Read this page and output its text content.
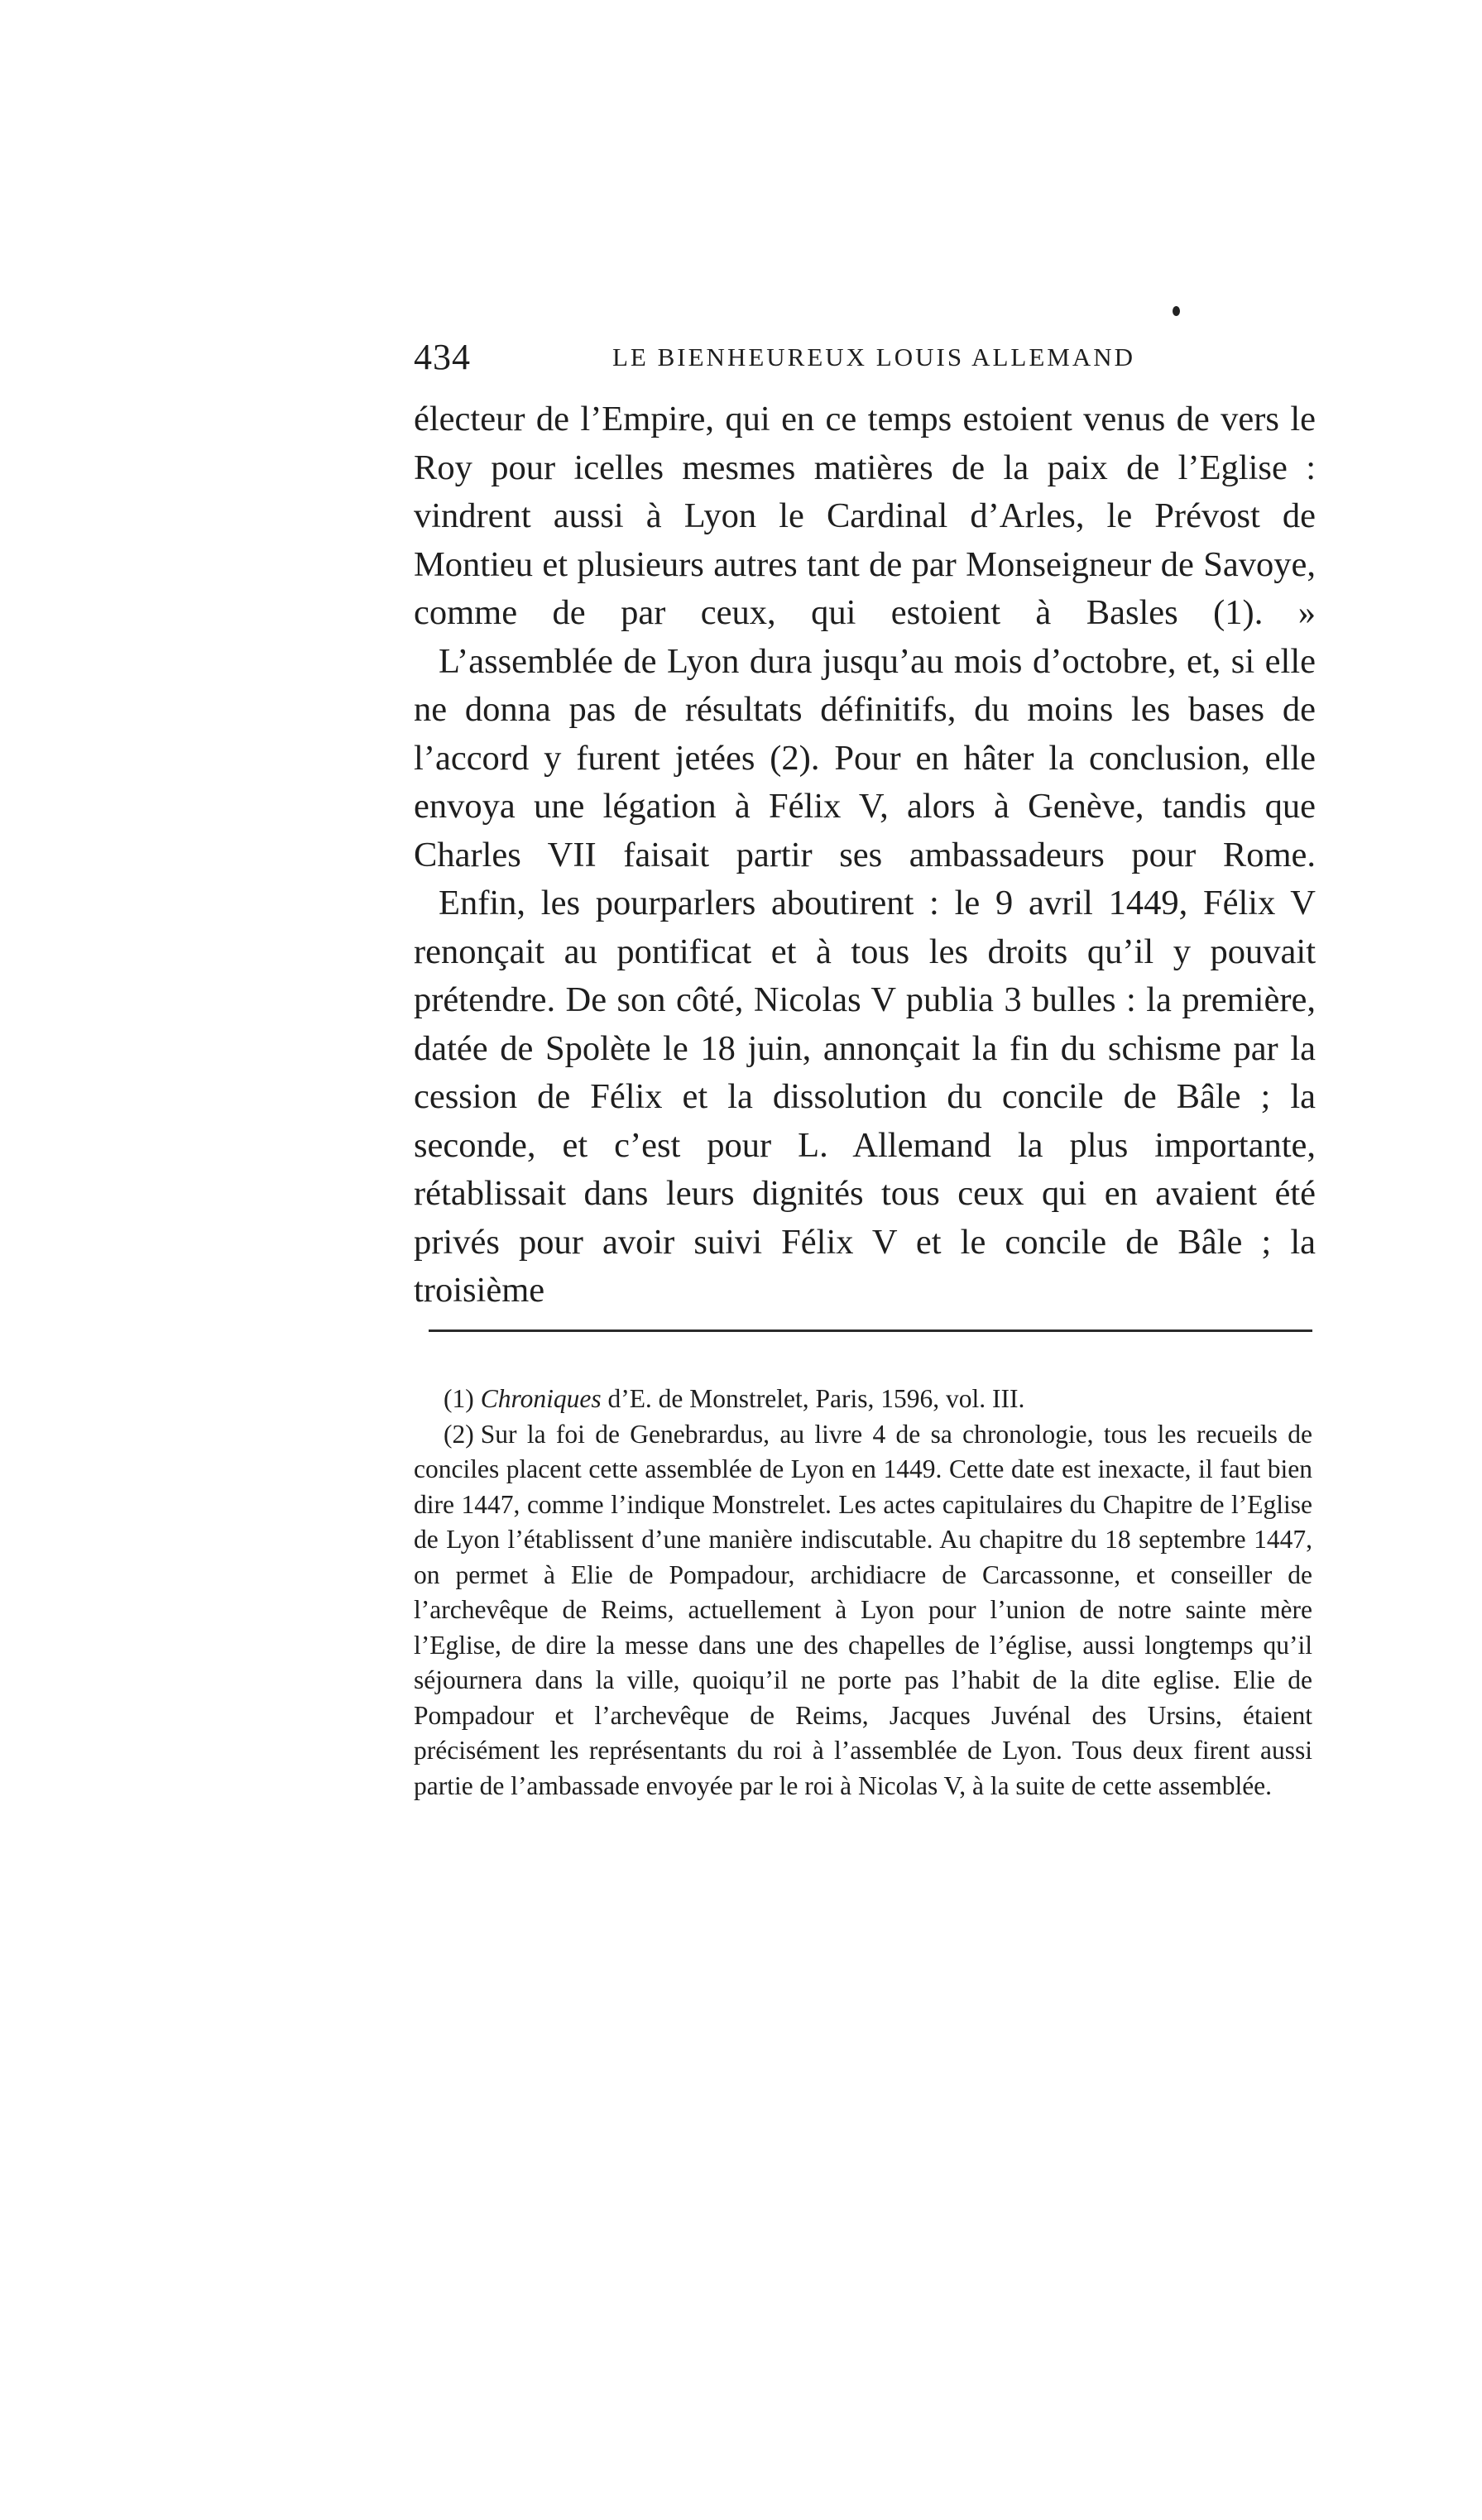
434	LE BIENHEUREUX LOUIS ALLEMAND

électeur de l’Empire, qui en ce temps estoient venus de vers le Roy pour icelles mesmes matières de la paix de l’Eglise : vindrent aussi à Lyon le Cardinal d’Arles, le Prévost de Montieu et plusieurs autres tant de par Monseigneur de Savoye, comme de par ceux, qui estoient à Basles (1). »

L’assemblée de Lyon dura jusqu’au mois d’octobre, et, si elle ne donna pas de résultats définitifs, du moins les bases de l’accord y furent jetées (2). Pour en hâter la conclusion, elle envoya une légation à Félix V, alors à Genève, tandis que Charles VII faisait partir ses ambassadeurs pour Rome.

Enfin, les pourparlers aboutirent : le 9 avril 1449, Félix V renonçait au pontificat et à tous les droits qu’il y pouvait prétendre. De son côté, Nicolas V publia 3 bulles : la première, datée de Spolète le 18 juin, annonçait la fin du schisme par la cession de Félix et la dissolution du concile de Bâle ; la seconde, et c’est pour L. Allemand la plus importante, rétablissait dans leurs dignités tous ceux qui en avaient été privés pour avoir suivi Félix V et le concile de Bâle ; la troisième

(1) Chroniques d’E. de Monstrelet, Paris, 1596, vol. III.

(2) Sur la foi de Genebrardus, au livre 4 de sa chronologie, tous les recueils de conciles placent cette assemblée de Lyon en 1449. Cette date est inexacte, il faut bien dire 1447, comme l’indique Monstrelet. Les actes capitulaires du Chapitre de l’Eglise de Lyon l’établissent d’une manière indiscutable. Au chapitre du 18 septembre 1447, on permet à Elie de Pompadour, archidiacre de Carcassonne, et conseiller de l’archevêque de Reims, actuellement à Lyon pour l’union de notre sainte mère l’Eglise, de dire la messe dans une des chapelles de l’église, aussi longtemps qu’il séjournera dans la ville, quoiqu’il ne porte pas l’habit de la dite eglise. Elie de Pompadour et l’archevêque de Reims, Jacques Juvénal des Ursins, étaient précisément les représentants du roi à l’assemblée de Lyon. Tous deux firent aussi partie de l’ambassade envoyée par le roi à Nicolas V, à la suite de cette assemblée.
